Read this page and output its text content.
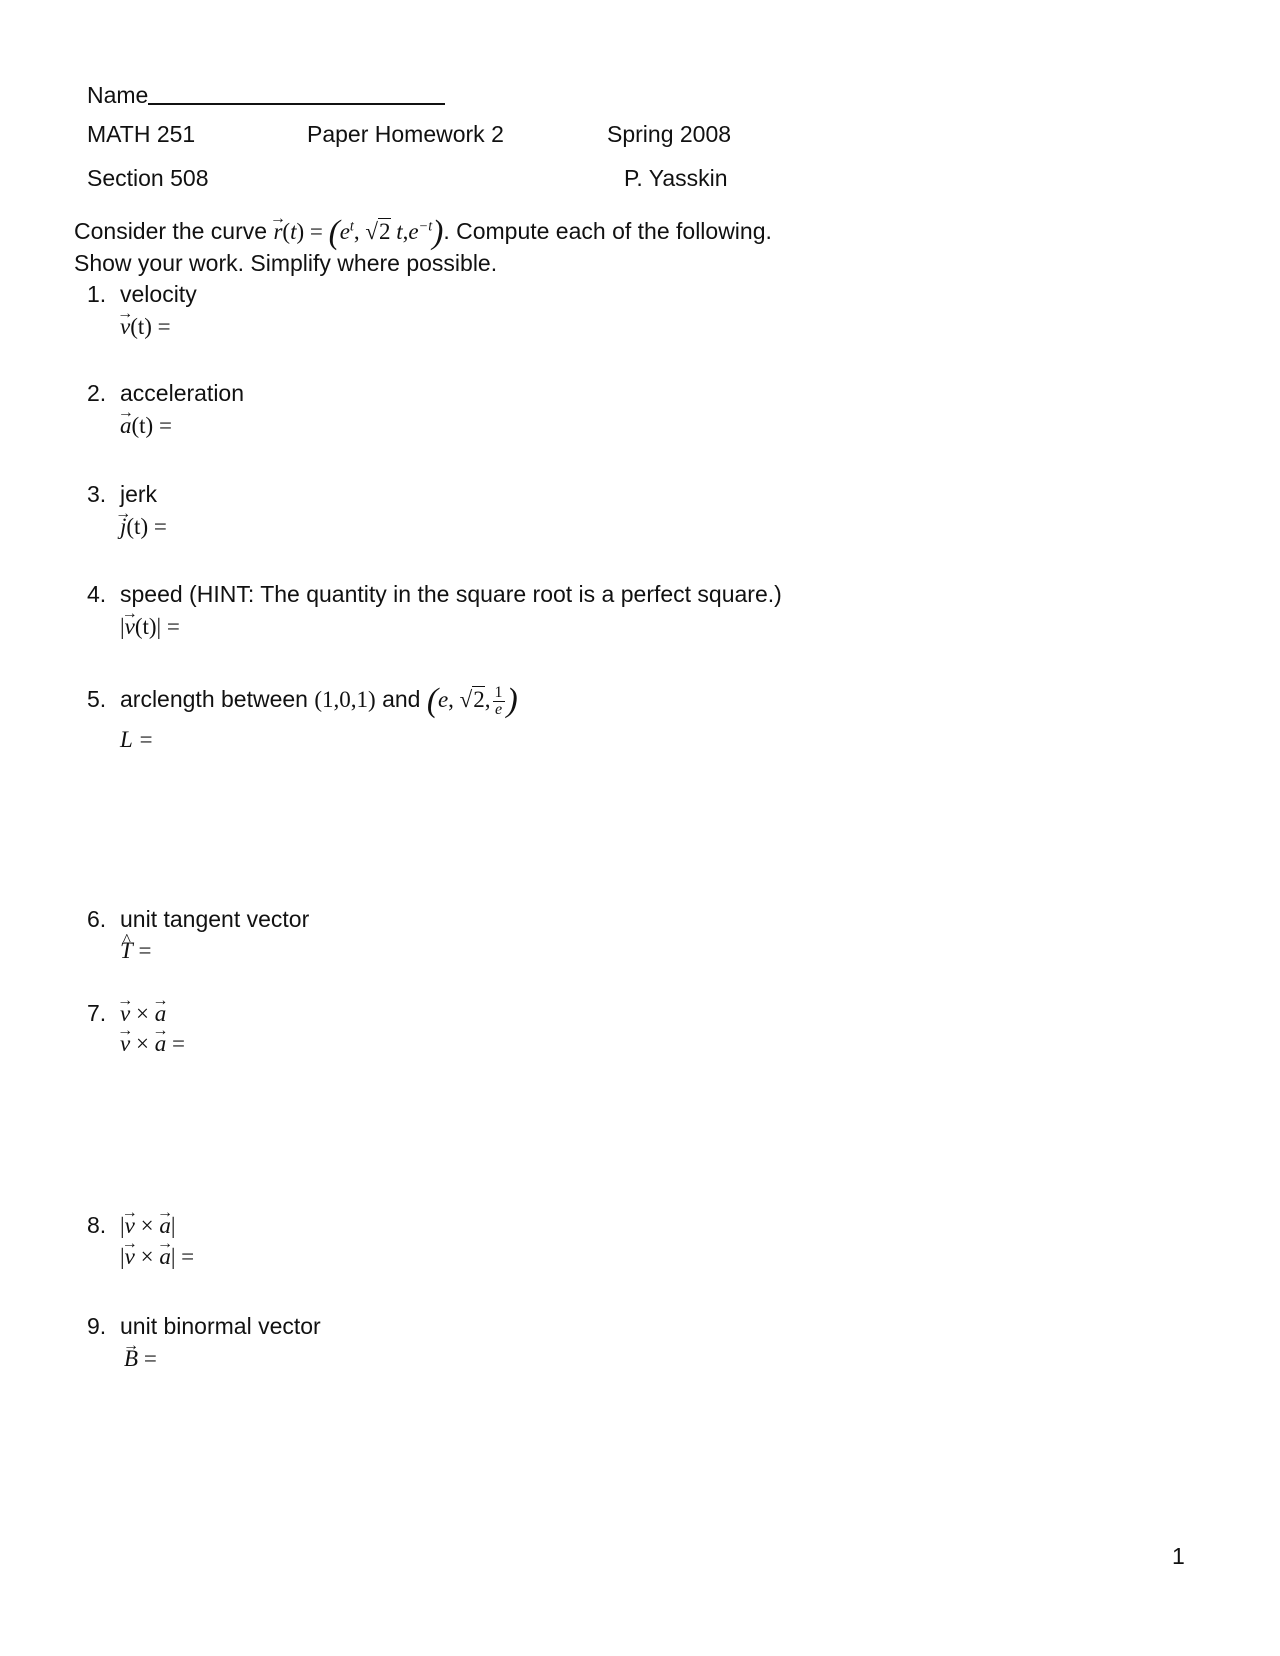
Name
MATH 251	Paper Homework 2	Spring 2008
Section 508	P. Yasskin
Consider the curve → $r(t) = (e^t$, √2 $t,e^{-t}$). Compute each of the following.
Show your work. Simplify where possible.
1. velocity
→ v(t) =
2. acceleration
→ a(t) =
3. jerk
→ j(t) =
4. speed (HINT: The quantity in the square root is a perfect square.)
|→ v(t)| =
5. arclength between (1,0,1) and (e, √2, $\frac{1}{e}$ )
L =
6. unit tangent vector
^ T =
7. → v × → a
→ v × → a =
8. |→ v × → a|
|→ v × → a| =
9. unit binormal vector
→ B =
1
